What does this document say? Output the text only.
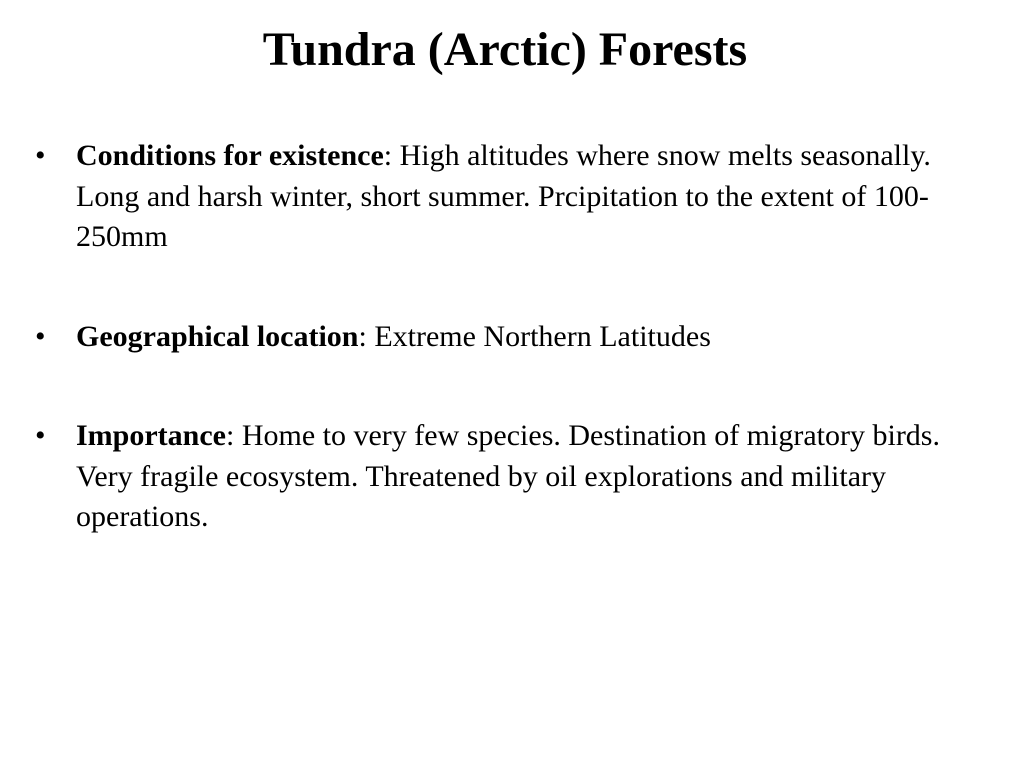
Tundra (Arctic) Forests
•	Conditions for existence: High altitudes where snow melts seasonally. Long and harsh winter, short summer. Prcipitation to the extent of 100-250mm
•	Geographical location: Extreme Northern Latitudes
•	Importance: Home to very few species. Destination of migratory birds. Very fragile ecosystem. Threatened by oil explorations and military operations.
